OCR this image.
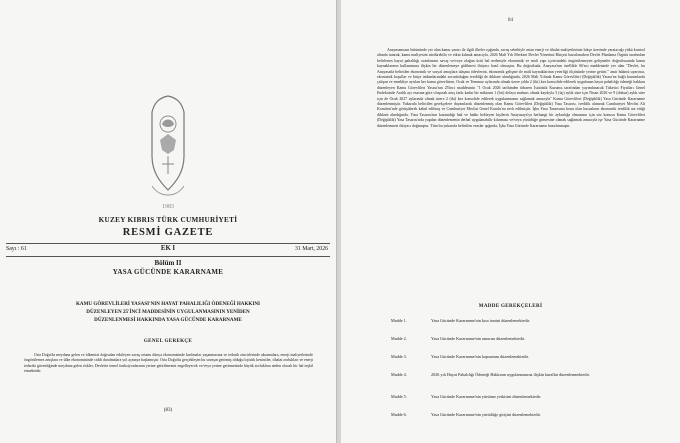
1983
KUZEY KIBRIS TÜRK CUMHURİYETİ
RESMİ GAZETE
Sayı : 61	EK I	31 Mart, 2026
Bölüm II
YASA GÜCÜNDE KARARNAME
KAMU GÖREVLİLERİ YASASI'NIN HAYAT PAHALILIĞI ÖDENEĞİ HAKKINI
DÜZENLEYEN 25'İNCİ MADDESİNİN UYGULANMASININ YENİDEN
DÜZENLENMESİ HAKKINDA YASA GÜCÜNDE KARARNAME
GENEL GEREKÇE
Orta Doğu'da meydana gelen ve ülkemizi doğrudan etkileyen savaş ortamı dünya ekonomisinde kırılmalar yaşanmasına ve tedarik zincirlerinde aksamalara, enerji maliyetlerinde öngörülemez artışlara ve ülke ekonomisinde ciddi daralmalara yol açmaya başlamıştır. Orta Doğu'da gerçekleşen bu savaşın getirmiş olduğu lojistik kesintiler, ithalat zorlukları ve enerji tedariki güvenliğinde meydana gelen riskler, Devletin temel fonksiyonlarının yerine getirilmesini engelleyecek ve/veya yerine getirmesinde büyük zorluklara neden olacak bir hal teşkil etmektedir.
(83)
84
Anayasamızın bütününde yer alan kamu yararı ile ilgili ilkeler ışığında, savaş sebebiyle artan enerji ve ithalat maliyetlerinin bütçe üzerinde yaratacağı yükü kontrol altında tutarak, kamu maliyesini sürdürebilir ve etkin kılmak amacıyla, 2026 Mali Yılı Merkezi Devlet Yönetimi Bütçesi hazırlanırken Devlet Planlama Örgütü tarafından belirlenen hayat pahalılığı oranlarının savaş ve/veya olağan üstü hal nedeniyle ekonomik ve mali yapı içerisindeki öngörülemeyen gelişmeler doğrultusunda kamu kaynaklarının kullanımına ilişkin bir düzenlemeye gidilmesi ihtiyacı hasıl olmuştur. Bu doğrultuda, Anayasa'nın özellikle 66'ncı maddesinde yer alan "Devlet, bu Anayasada belirtilen ekonomik ve sosyal amaçlara ulaşma ödevlerini, ekonomik gelişme ile mali kaynaklarının yeterliği ölçüsünde yerine getirir." amir hükmü uyarınca, ekonomik koşullar ve bütçe imkanlarındaki zorunluluğun ivediliği de dikkate alındığında, 2026 Mali Yılında Kamu Görevlileri (Değişiklik) Yasası'na bağlı kurumlarda çalışan ve emekliye ayrılan her kamu görevlisine, Ocak ve Temmuz aylarında olmak üzere yılda 2 (iki) kez konsolide edilerek uygulanan hayat pahalılığı ödeneği hakkını düzenleyen Kamu Görevlileri Yasası'nın 25'inci maddesinin "1 Ocak 2026 tarihinden itibaren İstatistik Kurumu tarafından yayımlanacak Tüketici Fiyatları Genel Endeksinde Aralık ayı esasına göre oluşacak artış farkı kadar bir miktarın 1 (bir) defaya mahsus olmak kaydıyla 3 (üç) aylık süre için Nisan 2026 ve 9 (dokuz) aylık süre için de Ocak 2027 aylarında olmak üzere 2 (iki) kez konsolide edilerek uygulanmasını sağlamak amacıyla" Kamu Görevlileri (Değişiklik) Yasa Gücünde Kararname düzenlenmiştir. Yukarıda belirtilen gerekçelere dayanılarak düzenlenmiş olan Kamu Görevlileri (Değişiklik) Yasa Tasarısı, ivedilik alınarak Cumhuriyet Meclisi Alt Komitesi'nde görüşülerek kabul edilmiş ve Cumhuriyet Meclisi Genel Kurulu'na sevk edilmiştir. İşbu Yasa Tasarısına konu olan hususların ekonomik ivedilik arz ettiği dikkate alındığında, Yasa Tasarısı'nın kasaındığı hak ve hakkı bekleyen kişilerin Anayasaya'ya herhangi bir aykırılığa olmaması için söz konusu Kamu Görevlileri (Değişiklik) Yasa Tasarısı'nda yapılan düzenlemenin derhal uygulanabilir kılınması ve/veya yürürlüğe girmesine olanak sağlamak amacıyla işe Yasa Gücünde Kararname düzenlenmesi ihtiyacı doğmuştur. Tüm bu yukarıda belirtilen esaslar ışığında, İşbu Yasa Gücünde Kararname hazırlanmıştır.
MADDE GEREKÇELERİ
Madde 1.	Yasa Gücünde Kararname'nin kısa ismini düzenlemektedir.
Madde 2.	Yasa Gücünde Kararname'nin amacını düzenlemektedir.
Madde 3.	Yasa Gücünde Kararname'nin kapsamını düzenlemektedir.
Madde 4.	2026 yılı Hayat Pahalılığı Ödeneği Hakkının uygulanmasına ilişkin kurallar düzenlenmektedir.
Madde 5.	Yasa Gücünde Kararname'nin yürütme yetkisini düzenlemektedir.
Madde 6.	Yasa Gücünde Kararname'nin yürürlüğe girişini düzenlemektedir.
